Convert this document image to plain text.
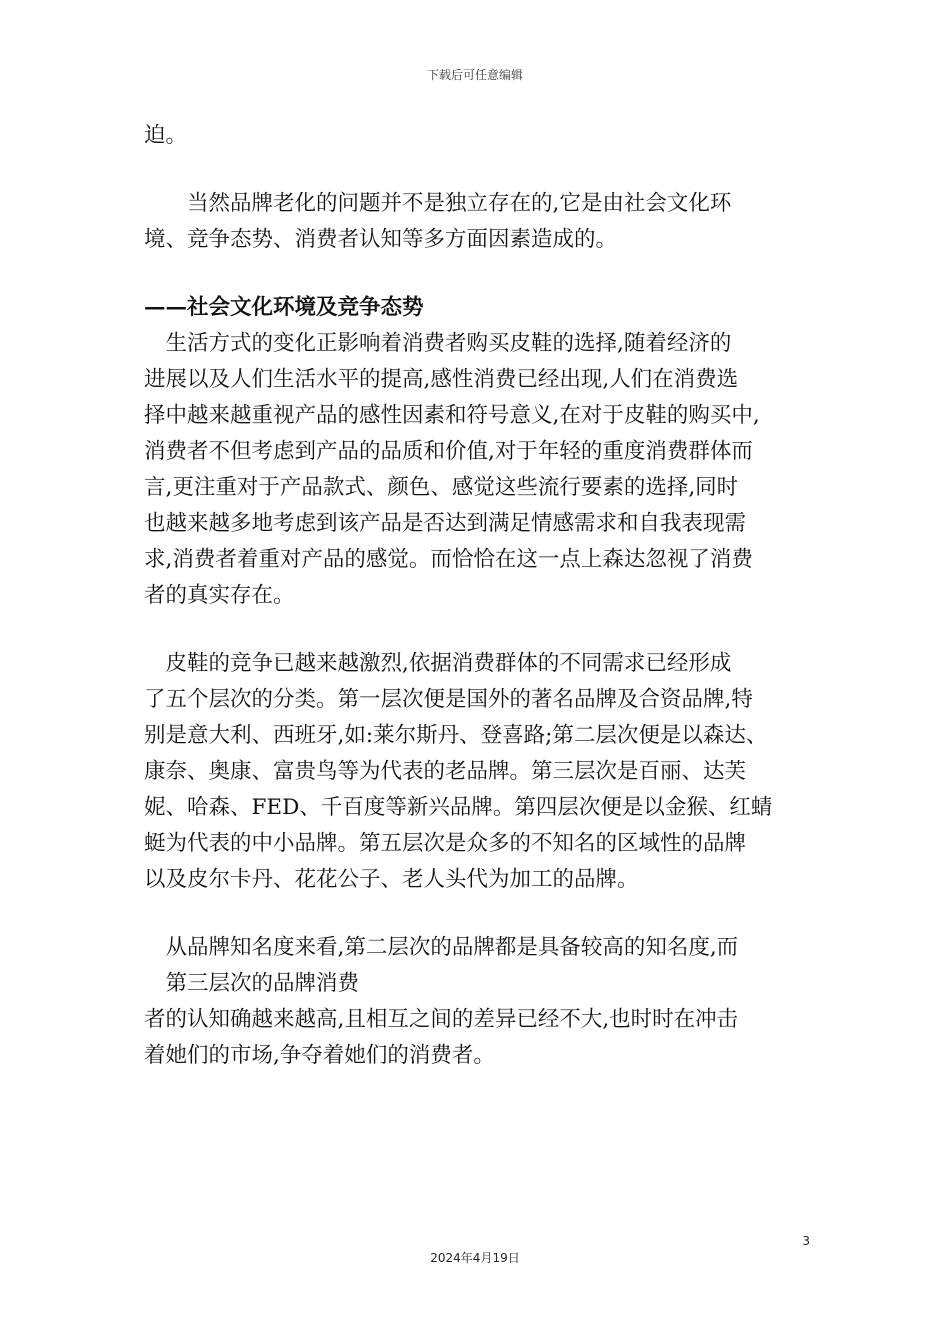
下载后可任意编辑

迫。

　　当然品牌老化的问题并不是独立存在的,它是由社会文化环
境、竞争态势、消费者认知等多方面因素造成的。

——社会文化环境及竞争态势

　生活方式的变化正影响着消费者购买皮鞋的选择,随着经济的
进展以及人们生活水平的提高,感性消费已经出现,人们在消费选
择中越来越重视产品的感性因素和符号意义,在对于皮鞋的购买中,
消费者不但考虑到产品的品质和价值,对于年轻的重度消费群体而
言,更注重对于产品款式、颜色、感觉这些流行要素的选择,同时
也越来越多地考虑到该产品是否达到满足情感需求和自我表现需
求,消费者着重对产品的感觉。而恰恰在这一点上森达忽视了消费
者的真实存在。

　皮鞋的竞争已越来越激烈,依据消费群体的不同需求已经形成
了五个层次的分类。第一层次便是国外的著名品牌及合资品牌,特
别是意大利、西班牙,如:莱尔斯丹、登喜路;第二层次便是以森达、
康奈、奥康、富贵鸟等为代表的老品牌。第三层次是百丽、达芙
妮、哈森、FED、千百度等新兴品牌。第四层次便是以金猴、红蜻
蜓为代表的中小品牌。第五层次是众多的不知名的区域性的品牌
以及皮尔卡丹、花花公子、老人头代为加工的品牌。

　从品牌知名度来看,第二层次的品牌都是具备较高的知名度,而
　第三层次的品牌消费
者的认知确越来越高,且相互之间的差异已经不大,也时时在冲击
着她们的市场,争夺着她们的消费者。

3
2024年4月19日
